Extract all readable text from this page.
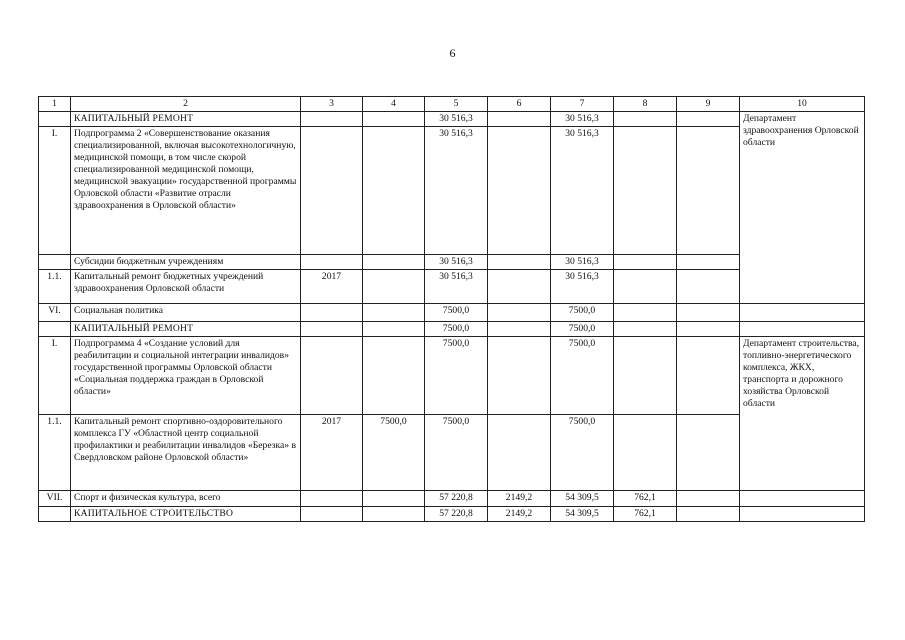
6
1	2	3	4	5	6	7	8	9	10
	КАПИТАЛЬНЫЙ РЕМОНТ			30 516,3		30 516,3			Департамент здравоохранения Орловской области
I.	Подпрограмма 2 «Совершенствование оказания специализированной, включая высокотехнологичную, медицинской помощи, в том числе скорой специализированной медицинской помощи, медицинской эвакуации» государственной программы Орловской области «Развитие отрасли здравоохранения в Орловской области»			30 516,3		30 516,3			
	Субсидии бюджетным учреждениям			30 516,3		30 516,3			
1.1.	Капитальный ремонт бюджетных учреждений здравоохранения Орловской области	2017		30 516,3		30 516,3			
VI.	Социальная политика			7500,0		7500,0			
	КАПИТАЛЬНЫЙ РЕМОНТ			7500,0		7500,0			
I.	Подпрограмма 4 «Создание условий для реабилитации и социальной интеграции инвалидов» государственной программы Орловской области «Социальная поддержка граждан в Орловской области»			7500,0		7500,0			Департамент строительства, топливно-энергетического комплекса, ЖКХ, транспорта и дорожного хозяйства Орловской области
1.1.	Капитальный ремонт спортивно-оздоровительного комплекса ГУ «Областной центр социальной профилактики и реабилитации инвалидов «Березка» в Свердловском районе Орловской области»	2017	7500,0	7500,0		7500,0			
VII.	Спорт и физическая культура, всего			57 220,8	2149,2	54 309,5	762,1		
	КАПИТАЛЬНОЕ СТРОИТЕЛЬСТВО			57 220,8	2149,2	54 309,5	762,1		
